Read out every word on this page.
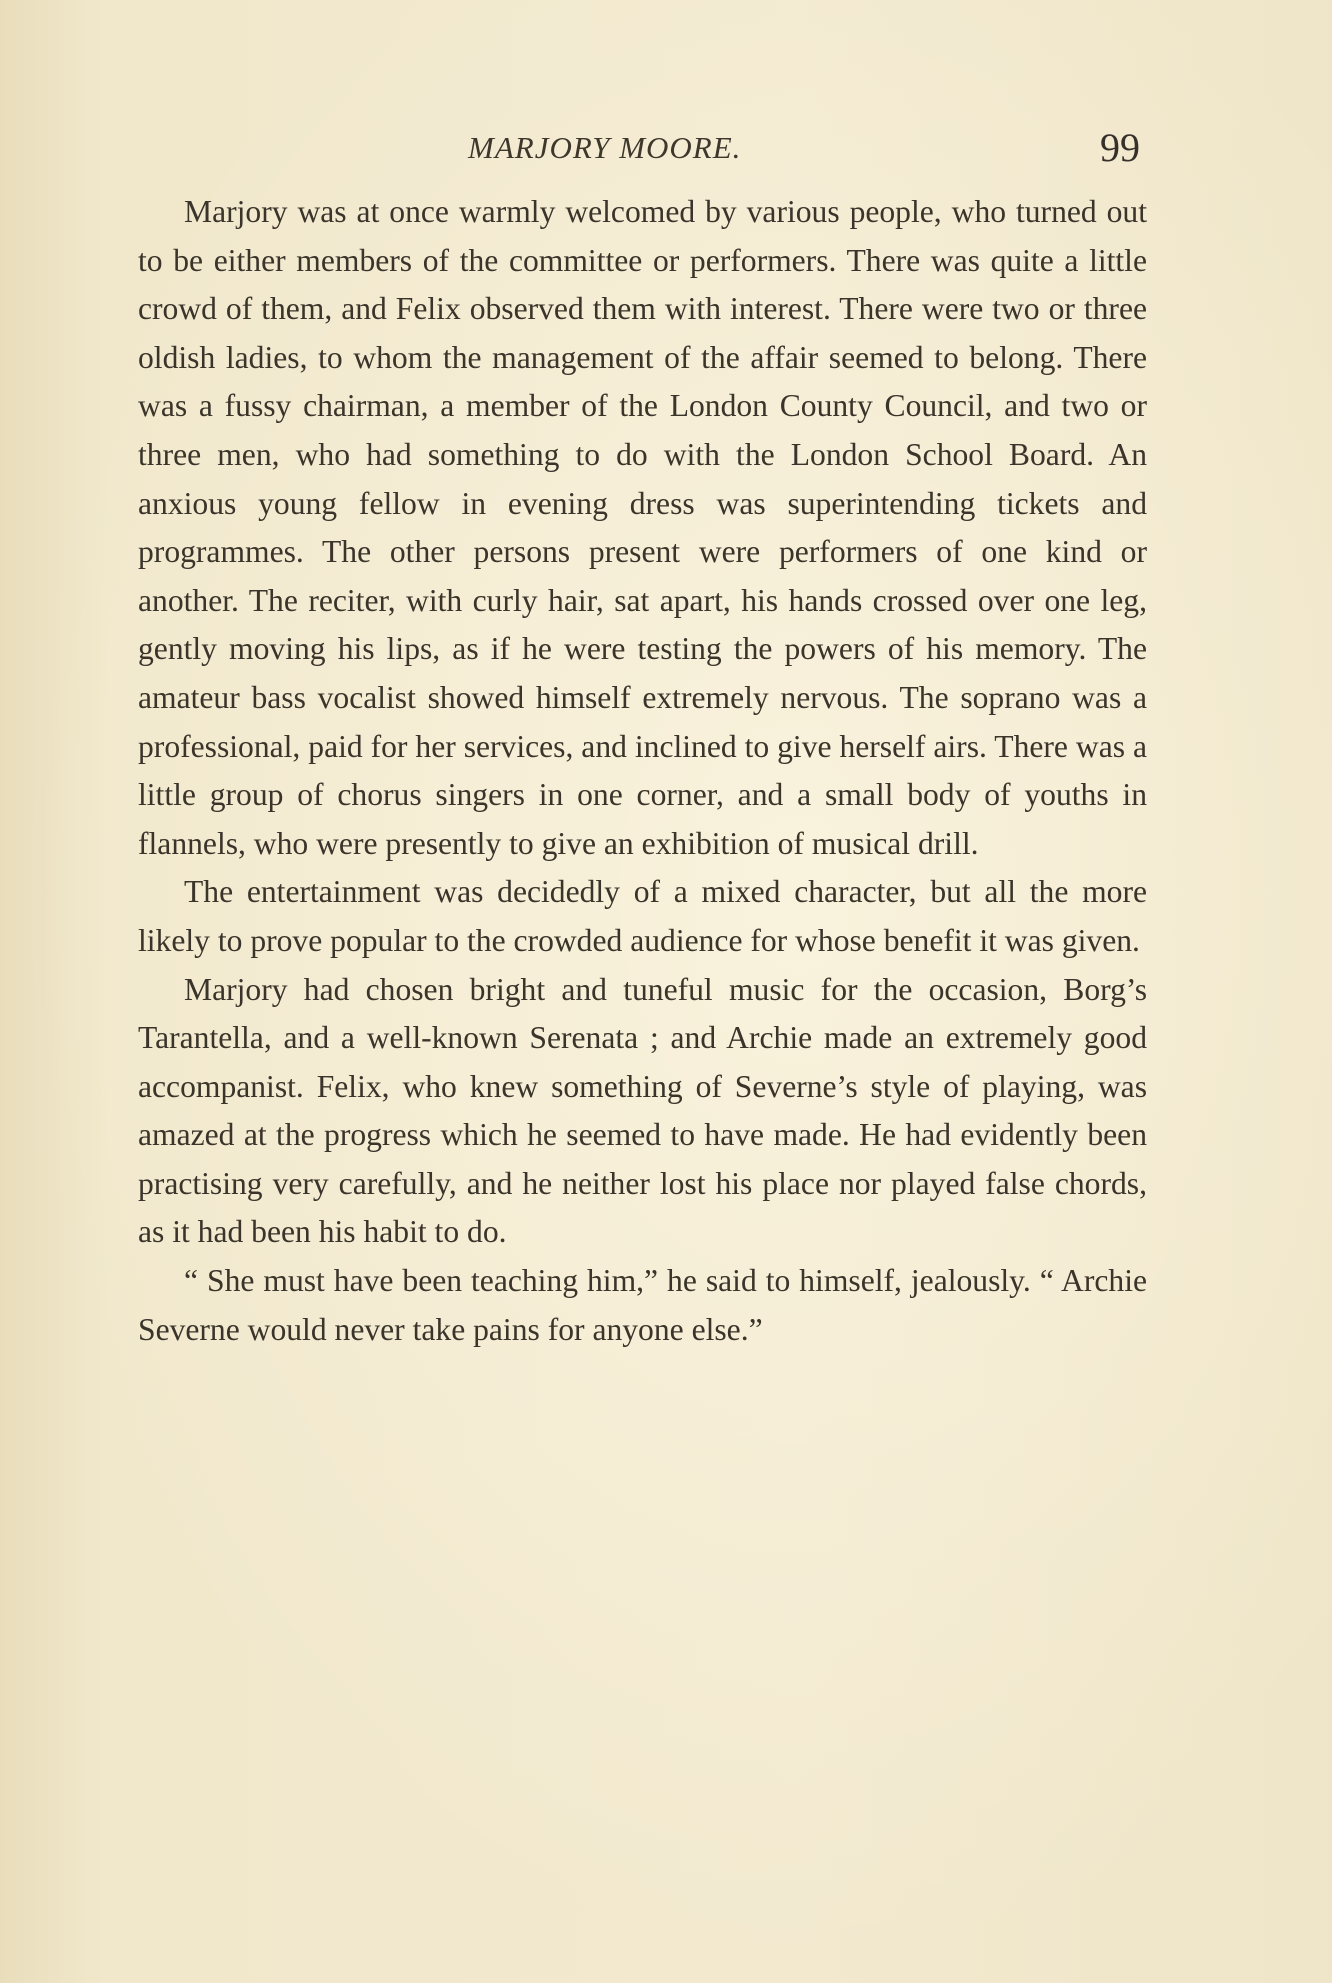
MARJORY MOORE.	99

Marjory was at once warmly welcomed by various people, who turned out to be either members of the committee or performers. There was quite a little crowd of them, and Felix observed them with interest. There were two or three oldish ladies, to whom the management of the affair seemed to belong. There was a fussy chairman, a member of the London County Council, and two or three men, who had something to do with the London School Board. An anxious young fellow in evening dress was superintending tickets and programmes. The other persons present were performers of one kind or another. The reciter, with curly hair, sat apart, his hands crossed over one leg, gently moving his lips, as if he were testing the powers of his memory. The amateur bass vocalist showed himself extremely nervous. The soprano was a professional, paid for her services, and inclined to give herself airs. There was a little group of chorus singers in one corner, and a small body of youths in flannels, who were presently to give an exhibition of musical drill.

The entertainment was decidedly of a mixed character, but all the more likely to prove popular to the crowded audience for whose benefit it was given.

Marjory had chosen bright and tuneful music for the occasion, Borg’s Tarantella, and a well-known Serenata ; and Archie made an extremely good accompanist. Felix, who knew something of Severne’s style of playing, was amazed at the progress which he seemed to have made. He had evidently been practising very carefully, and he neither lost his place nor played false chords, as it had been his habit to do.

“ She must have been teaching him,” he said to himself, jealously. “ Archie Severne would never take pains for anyone else.”
